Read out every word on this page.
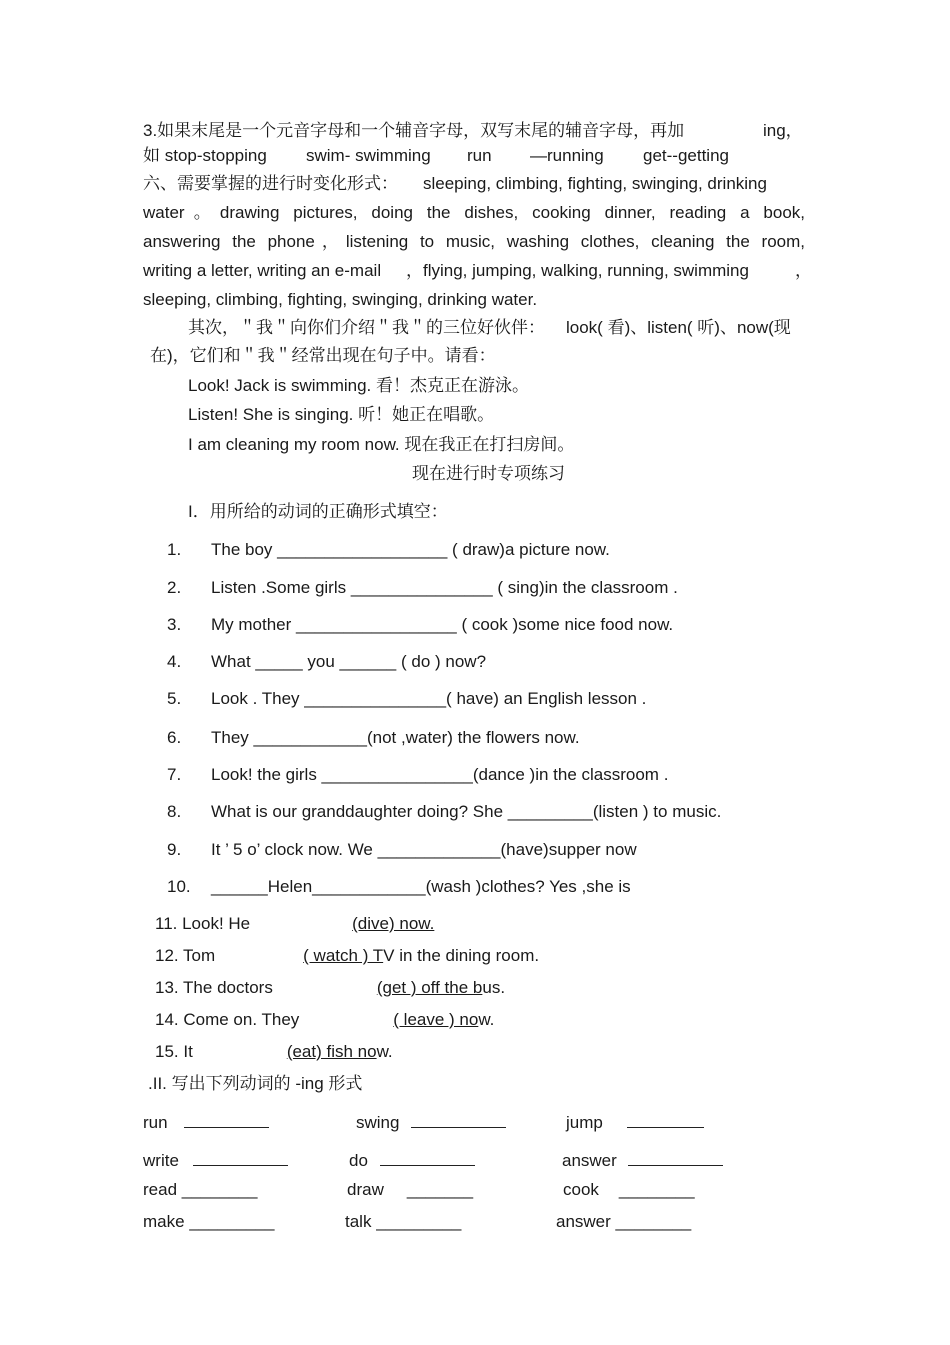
3.如果末尾是一个元音字母和一个辅音字母，双写末尾的辅音字母，再加	ing，
如 stop-stopping swim- swimming run —running get--getting
六、需要掌握的进行时变化形式： sleeping, climbing, fighting, swinging, drinking
water。drawing pictures, doing the dishes, cooking dinner, reading a book,
answering the phone，listening to music, washing clothes, cleaning the room,
writing a letter, writing an e-mail ，flying, jumping, walking, running, swimming	，
sleeping, climbing, fighting, swinging, drinking water.
其次，＂我＂向你们介绍＂我＂的三位好伙伴： look( 看)、listen( 听)、now(现
在)，它们和＂我＂经常出现在句子中。请看：
Look! Jack is swimming. 看！杰克正在游泳。
Listen! She is singing. 听！她正在唱歌。
I am cleaning my room now. 现在我正在打扫房间。
现在进行时专项练习
I．用所给的动词的正确形式填空：
1. The boy __________________ ( draw)a picture now.
2. Listen .Some girls _______________ ( sing)in the classroom .
3. My mother _________________ ( cook )some nice food now.
4. What _____ you ______ ( do ) now?
5. Look . They _______________( have) an English lesson .
6. They ____________(not ,water) the flowers now.
7. Look! the girls ________________(dance )in the classroom .
8. What is our granddaughter doing? She _________(listen ) to music.
9. It ’ 5 o’ clock now. We _____________(have)supper now
10. ______Helen____________(wash )clothes? Yes ,she is
11. Look! He	(dive) now.
12. Tom	( watch ) TV in the dining room.
13. The doctors	(get ) off the bus.
14. Come on. They	( leave ) now.
15. It	(eat) fish now.
.II. 写出下列动词的 -ing 形式
run	swing	jump
write	do	answer
read ________	draw _______	cook ________
make _________	talk _________	answer ________
